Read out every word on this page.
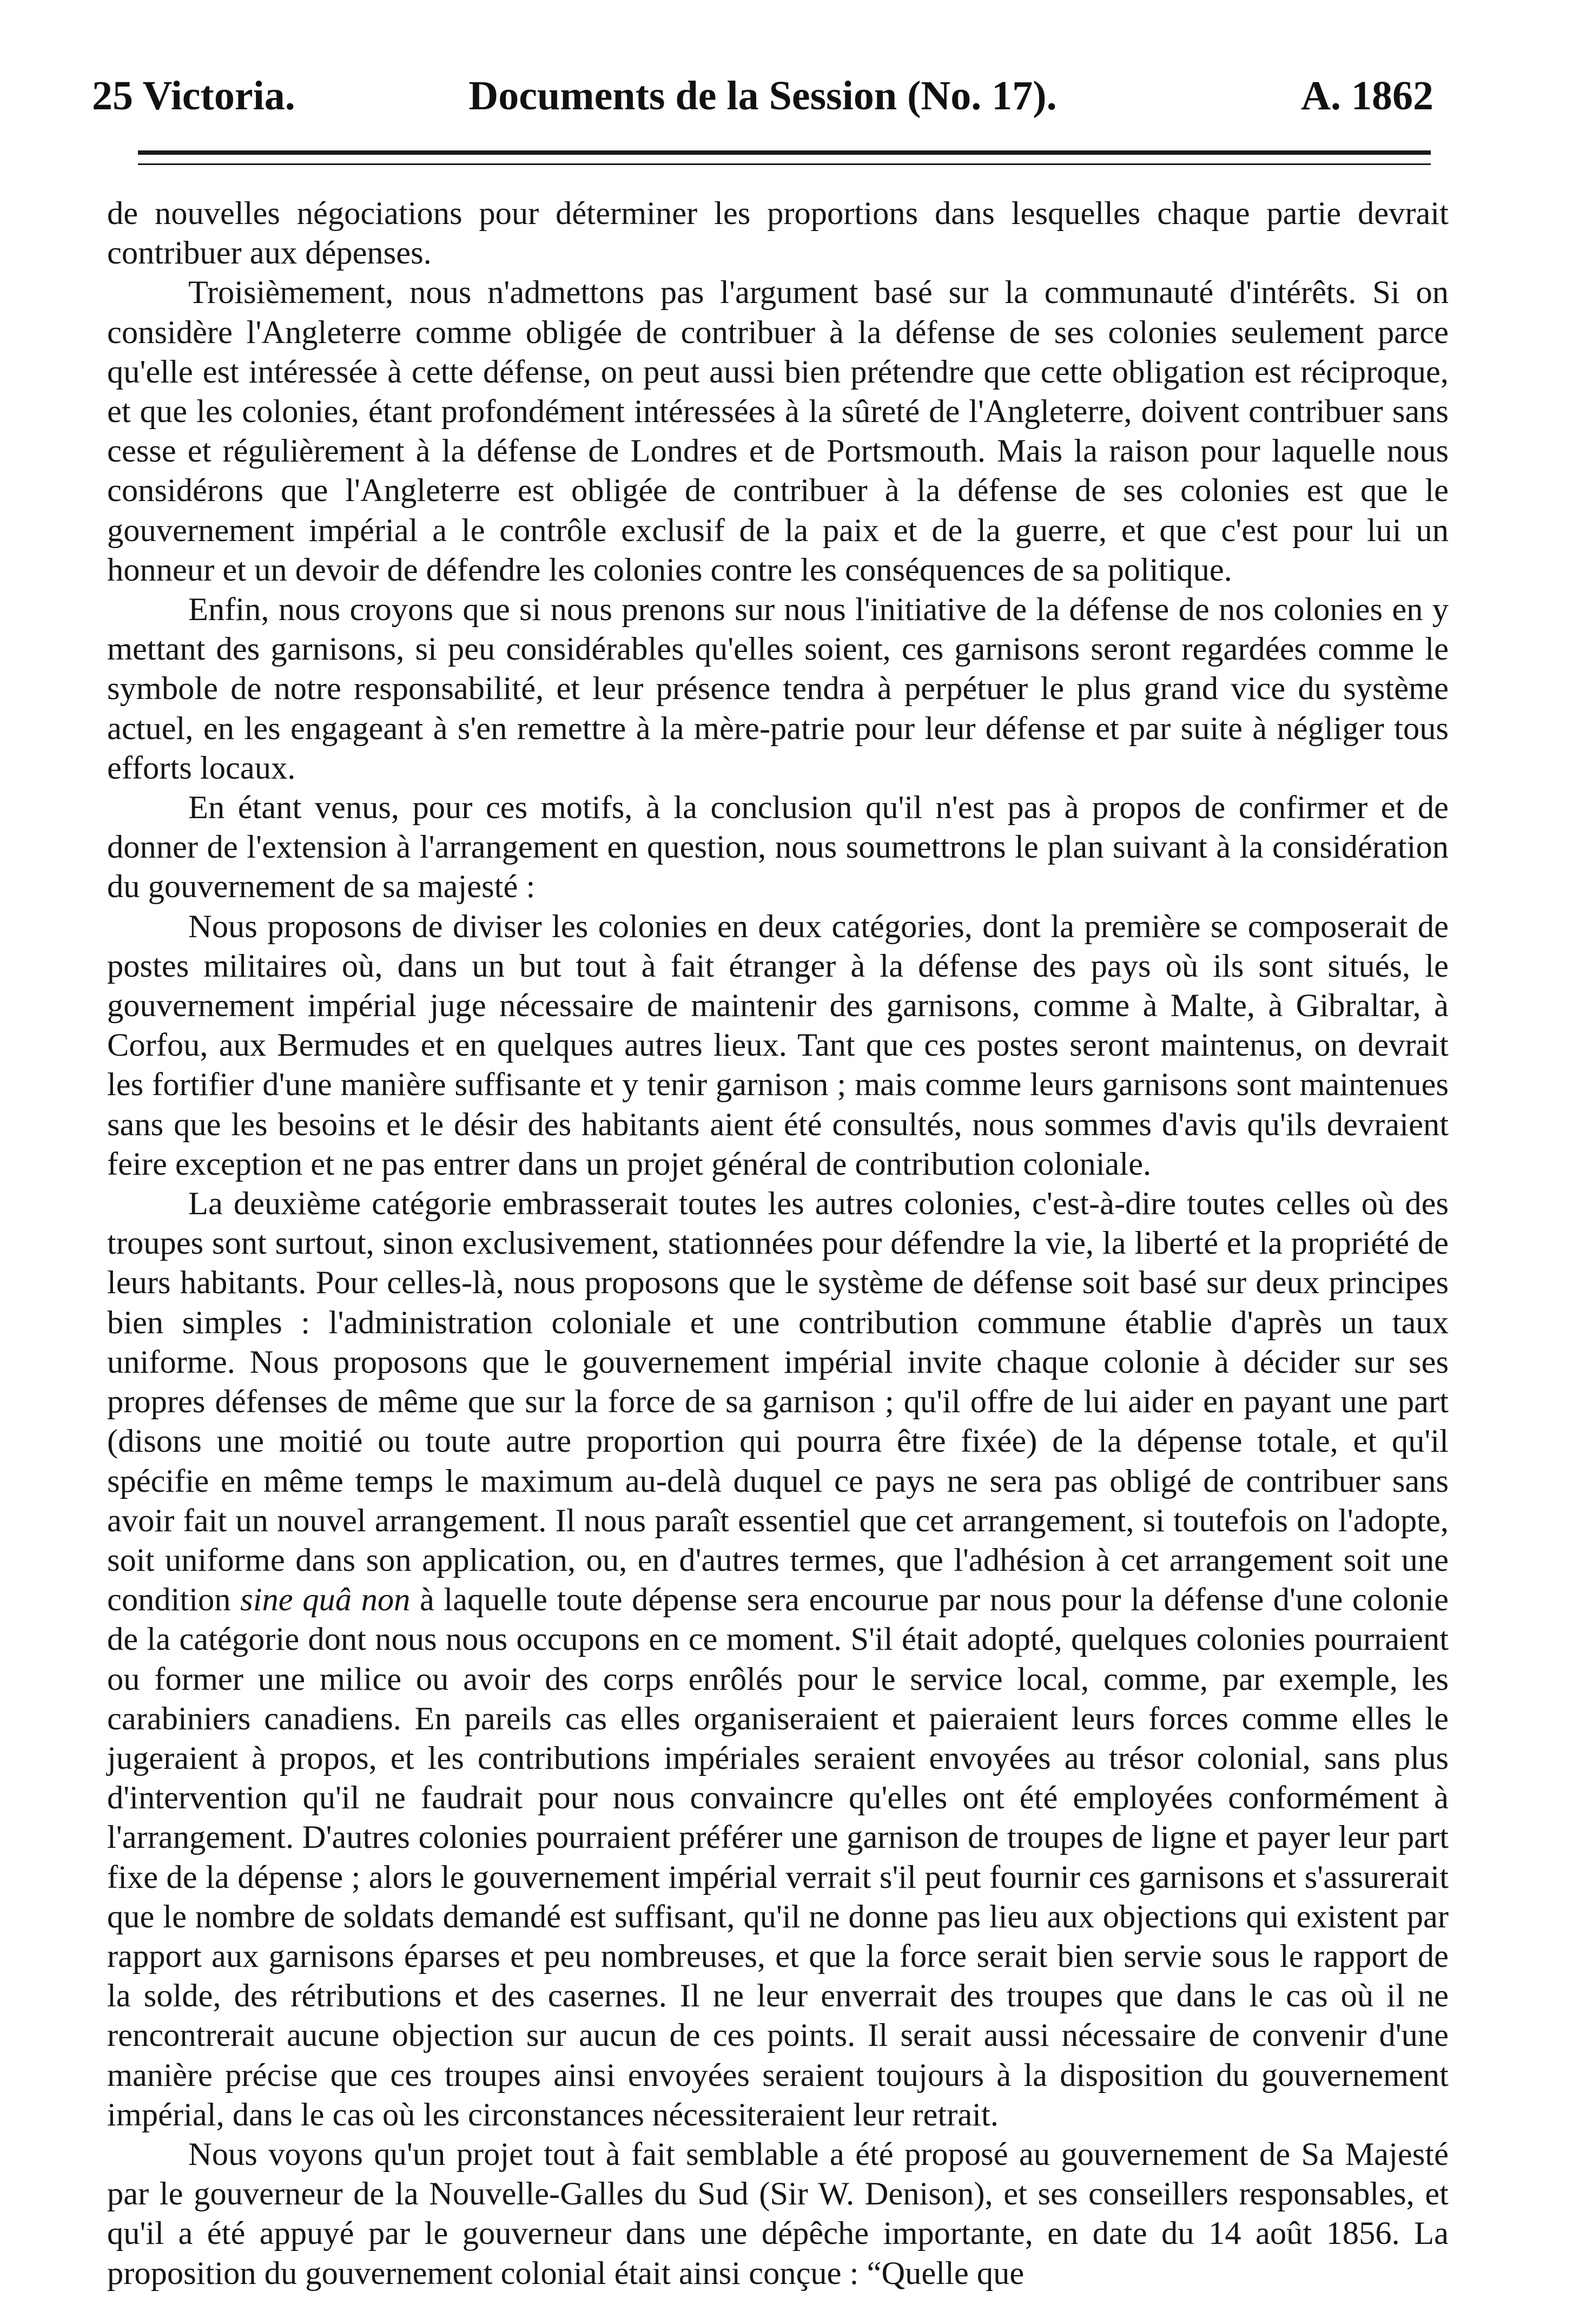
25 Victoria.	Documents de la Session (No. 17).	A. 1862

de nouvelles négociations pour déterminer les proportions dans lesquelles chaque partie devrait contribuer aux dépenses.

Troisièmement, nous n'admettons pas l'argument basé sur la communauté d'intérêts. Si on considère l'Angleterre comme obligée de contribuer à la défense de ses colonies seulement parce qu'elle est intéressée à cette défense, on peut aussi bien prétendre que cette obligation est réciproque, et que les colonies, étant profondément intéressées à la sûreté de l'Angleterre, doivent contribuer sans cesse et régulièrement à la défense de Londres et de Portsmouth. Mais la raison pour laquelle nous considérons que l'Angleterre est obligée de contribuer à la défense de ses colonies est que le gouvernement impérial a le contrôle exclusif de la paix et de la guerre, et que c'est pour lui un honneur et un devoir de défendre les colonies contre les conséquences de sa politique.

Enfin, nous croyons que si nous prenons sur nous l'initiative de la défense de nos colonies en y mettant des garnisons, si peu considérables qu'elles soient, ces garnisons seront regardées comme le symbole de notre responsabilité, et leur présence tendra à perpétuer le plus grand vice du système actuel, en les engageant à s'en remettre à la mère-patrie pour leur défense et par suite à négliger tous efforts locaux.

En étant venus, pour ces motifs, à la conclusion qu'il n'est pas à propos de confirmer et de donner de l'extension à l'arrangement en question, nous soumettrons le plan suivant à la considération du gouvernement de sa majesté :

Nous proposons de diviser les colonies en deux catégories, dont la première se composerait de postes militaires où, dans un but tout à fait étranger à la défense des pays où ils sont situés, le gouvernement impérial juge nécessaire de maintenir des garnisons, comme à Malte, à Gibraltar, à Corfou, aux Bermudes et en quelques autres lieux. Tant que ces postes seront maintenus, on devrait les fortifier d'une manière suffisante et y tenir garnison ; mais comme leurs garnisons sont maintenues sans que les besoins et le désir des habitants aient été consultés, nous sommes d'avis qu'ils devraient feire exception et ne pas entrer dans un projet général de contribution coloniale.

La deuxième catégorie embrasserait toutes les autres colonies, c'est-à-dire toutes celles où des troupes sont surtout, sinon exclusivement, stationnées pour défendre la vie, la liberté et la propriété de leurs habitants. Pour celles-là, nous proposons que le système de défense soit basé sur deux principes bien simples : l'administration coloniale et une contribution commune établie d'après un taux uniforme. Nous proposons que le gouvernement impérial invite chaque colonie à décider sur ses propres défenses de même que sur la force de sa garnison ; qu'il offre de lui aider en payant une part (disons une moitié ou toute autre proportion qui pourra être fixée) de la dépense totale, et qu'il spécifie en même temps le maximum au-delà duquel ce pays ne sera pas obligé de contribuer sans avoir fait un nouvel arrangement. Il nous paraît essentiel que cet arrangement, si toutefois on l'adopte, soit uniforme dans son application, ou, en d'autres termes, que l'adhésion à cet arrangement soit une condition sine quâ non à laquelle toute dépense sera encourue par nous pour la défense d'une colonie de la catégorie dont nous nous occupons en ce moment. S'il était adopté, quelques colonies pourraient ou former une milice ou avoir des corps enrôlés pour le service local, comme, par exemple, les carabiniers canadiens. En pareils cas elles organiseraient et paieraient leurs forces comme elles le jugeraient à propos, et les contributions impériales seraient envoyées au trésor colonial, sans plus d'intervention qu'il ne faudrait pour nous convaincre qu'elles ont été employées conformément à l'arrangement. D'autres colonies pourraient préférer une garnison de troupes de ligne et payer leur part fixe de la dépense ; alors le gouvernement impérial verrait s'il peut fournir ces garnisons et s'assurerait que le nombre de soldats demandé est suffisant, qu'il ne donne pas lieu aux objections qui existent par rapport aux garnisons éparses et peu nombreuses, et que la force serait bien servie sous le rapport de la solde, des rétributions et des casernes. Il ne leur enverrait des troupes que dans le cas où il ne rencontrerait aucune objection sur aucun de ces points. Il serait aussi nécessaire de convenir d'une manière précise que ces troupes ainsi envoyées seraient toujours à la disposition du gouvernement impérial, dans le cas où les circonstances nécessiteraient leur retrait.

Nous voyons qu'un projet tout à fait semblable a été proposé au gouvernement de Sa Majesté par le gouverneur de la Nouvelle-Galles du Sud (Sir W. Denison), et ses conseillers responsables, et qu'il a été appuyé par le gouverneur dans une dépêche importante, en date du 14 août 1856. La proposition du gouvernement colonial était ainsi conçue : “Quelle que
